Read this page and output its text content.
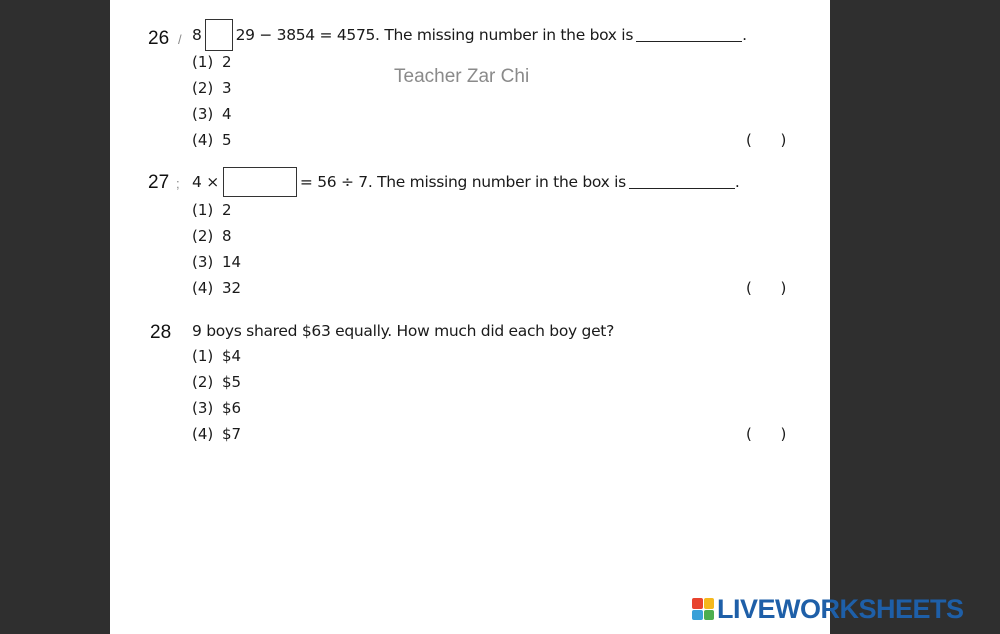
Teacher Zar Chi
26 / 8 29 − 3854 = 4575. The missing number in the box is	.
(1) 2
(2) 3
(3) 4
(4) 5	(      )
27 ; 4 ×	= 56 ÷ 7. The missing number in the box is	.
(1) 2
(2) 8
(3) 14
(4) 32	(      )
28 9 boys shared $63 equally. How much did each boy get?
(1) $4
(2) $5
(3) $6
(4) $7	(      )
LIVEWORKSHEETS
